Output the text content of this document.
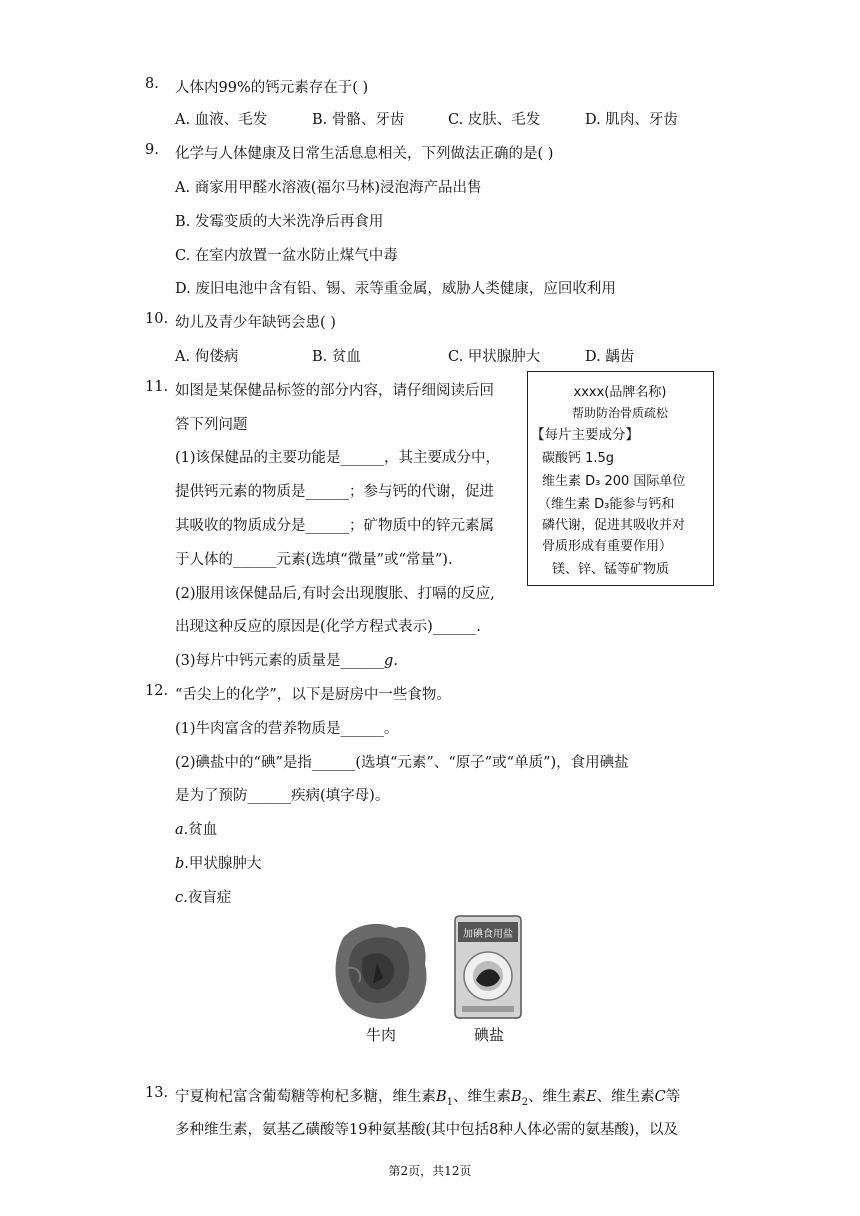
8. 人体内99%的钙元素存在于( )
A. 血液、毛发	B. 骨骼、牙齿	C. 皮肤、毛发	D. 肌肉、牙齿
9. 化学与人体健康及日常生活息息相关，下列做法正确的是( )
A. 商家用甲醛水溶液(福尔马林)浸泡海产品出售
B. 发霉变质的大米洗净后再食用
C. 在室内放置一盆水防止煤气中毒
D. 废旧电池中含有铅、锡、汞等重金属，威胁人类健康，应回收利用
10. 幼儿及青少年缺钙会患( )
A. 佝偻病	B. 贫血	C. 甲状腺肿大	D. 龋齿
11. 如图是某保健品标签的部分内容，请仔细阅读后回
答下列问题
(1)该保健品的主要功能是______，其主要成分中，
提供钙元素的物质是______；参与钙的代谢，促进
其吸收的物质成分是______；矿物质中的锌元素属
于人体的______元素(选填“微量”或“常量”).
(2)服用该保健品后,有时会出现腹胀、打嗝的反应,
出现这种反应的原因是(化学方程式表示)______.
(3)每片中钙元素的质量是______g.
xxxx(品牌名称)
帮助防治骨质疏松
【每片主要成分】
碳酸钙 1.5g
维生素 D₃ 200 国际单位
（维生素 D₃能参与钙和
磷代谢，促进其吸收并对
骨质形成有重要作用）
镁、锌、锰等矿物质
12. “舌尖上的化学”，以下是厨房中一些食物。
(1)牛肉富含的营养物质是______。
(2)碘盐中的“碘”是指______(选填“元素”、“原子”或“单质”)，食用碘盐
是为了预防______疾病(填字母)。
a.贫血
b.甲状腺肿大
c.夜盲症
加碘食用盐
牛肉	碘盐
13. 宁夏枸杞富含葡萄糖等枸杞多糖，维生素$B_1$、维生素$B_2$、维生素E、维生素C等
多种维生素，氨基乙磺酸等19种氨基酸(其中包括8种人体必需的氨基酸)，以及
第2页，共12页
